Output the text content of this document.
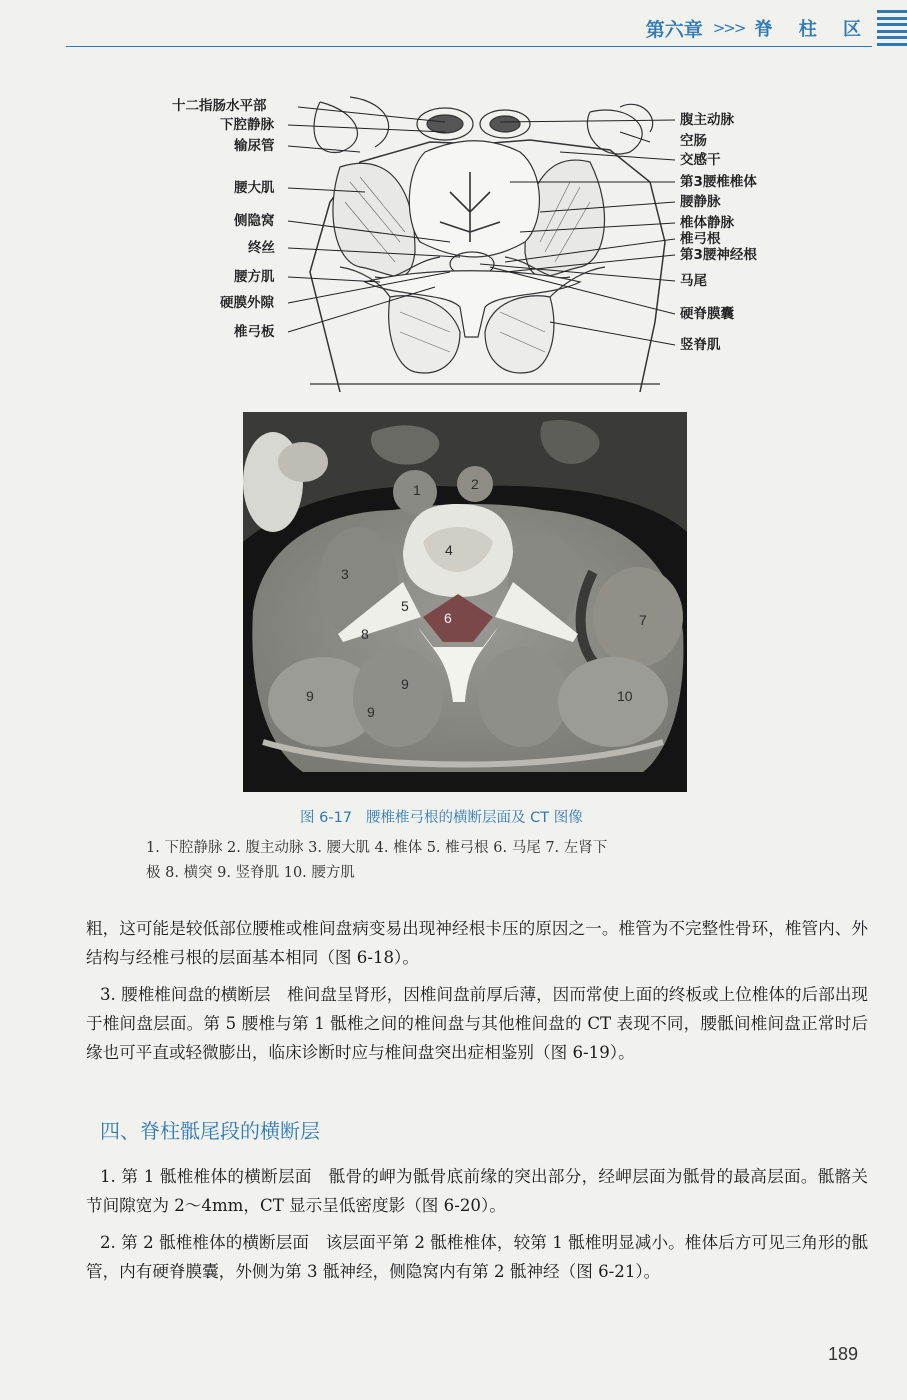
第六章 >>> 脊 柱 区
十二指肠水平部
下腔静脉
输尿管
腰大肌
侧隐窝
终丝
腰方肌
硬膜外隙
椎弓板
腹主动脉
空肠
交感干
第3腰椎椎体
腰静脉
椎体静脉
椎弓根
第3腰神经根
马尾
硬脊膜囊
竖脊肌
1	2
3
4
5
6	7
8
9
9
9
10
图 6-17 腰椎椎弓根的横断层面及 CT 图像
1. 下腔静脉 2. 腹主动脉 3. 腰大肌 4. 椎体 5. 椎弓根 6. 马尾 7. 左肾下
极 8. 横突 9. 竖脊肌 10. 腰方肌
粗，这可能是较低部位腰椎或椎间盘病变易出现神经根卡压的原因之一。椎管为不完整性骨环，椎管内、外结构与经椎弓根的层面基本相同（图 6-18）。
3. 腰椎椎间盘的横断层　 椎间盘呈肾形，因椎间盘前厚后薄，因而常使上面的终板或上位椎体的后部出现于椎间盘层面。第 5 腰椎与第 1 骶椎之间的椎间盘与其他椎间盘的 CT 表现不同，腰骶间椎间盘正常时后缘也可平直或轻微膨出，临床诊断时应与椎间盘突出症相鉴别（图 6-19）。
四、脊柱骶尾段的横断层
1. 第 1 骶椎椎体的横断层面　 骶骨的岬为骶骨底前缘的突出部分，经岬层面为骶骨的最高层面。骶髂关节间隙宽为 2～4mm，CT 显示呈低密度影（图 6-20）。
2. 第 2 骶椎椎体的横断层面　 该层面平第 2 骶椎椎体，较第 1 骶椎明显减小。椎体后方可见三角形的骶管，内有硬脊膜囊，外侧为第 3 骶神经，侧隐窝内有第 2 骶神经（图 6-21）。
189
